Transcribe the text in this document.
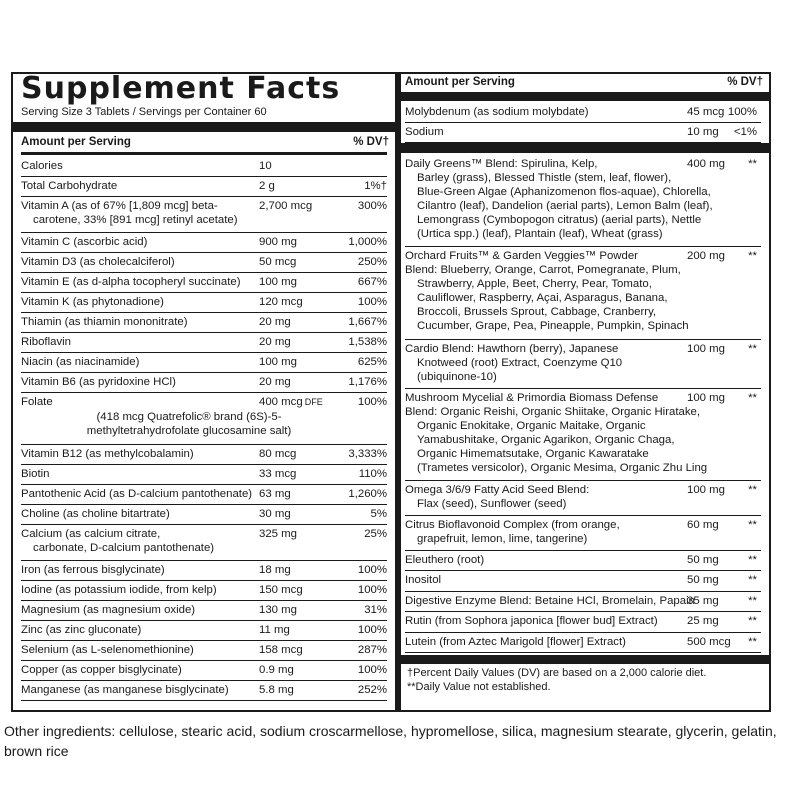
Supplement Facts
Serving Size 3 Tablets / Servings per Container 60
Amount per Serving	% DV†
Calories	10
Total Carbohydrate	2 g	1%†
Vitamin A (as of 67% [1,809 mcg] beta-
carotene, 33% [891 mcg] retinyl acetate)
2,700 mcg	300%
Vitamin C (ascorbic acid)	900 mg	1,000%
Vitamin D3 (as cholecalciferol)	50 mcg	250%
Vitamin E (as d-alpha tocopheryl succinate) 100 mg	667%
Vitamin K (as phytonadione)	120 mcg	100%
Thiamin (as thiamin mononitrate)	20 mg	1,667%
Riboflavin	20 mg	1,538%
Niacin (as niacinamide)	100 mg	625%
Vitamin B6 (as pyridoxine HCl)	20 mg	1,176%
Folate	400 mcg DFE	100%
(418 mcg Quatrefolic® brand (6S)-5-
methyltetrahydrofolate glucosamine salt)
Vitamin B12 (as methylcobalamin)	80 mcg	3,333%
Biotin	33 mcg	110%
Pantothenic Acid (as D-calcium pantothenate) 63 mg	1,260%
Choline (as choline bitartrate)	30 mg	5%
Calcium (as calcium citrate,
carbonate, D-calcium pantothenate)
325 mg	25%
Iron (as ferrous bisglycinate)	18 mg	100%
Iodine (as potassium iodide, from kelp)	150 mcg	100%
Magnesium (as magnesium oxide)	130 mg	31%
Zinc (as zinc gluconate)	11 mg	100%
Selenium (as L-selenomethionine)	158 mcg	287%
Copper (as copper bisglycinate)	0.9 mg	100%
Manganese (as manganese bisglycinate)	5.8 mg	252%
Amount per Serving	% DV†
Molybdenum (as sodium molybdate)	45 mcg 100%
Sodium	10 mg <1%
Daily Greens™ Blend: Spirulina, Kelp,
Barley (grass), Blessed Thistle (stem, leaf, flower),
Blue-Green Algae (Aphanizomenon flos-aquae), Chlorella,
Cilantro (leaf), Dandelion (aerial parts), Lemon Balm (leaf),
Lemongrass (Cymbopogon citratus) (aerial parts), Nettle
(Urtica spp.) (leaf), Plantain (leaf), Wheat (grass)
400 mg **
Orchard Fruits™ & Garden Veggies™ Powder
Blend: Blueberry, Orange, Carrot, Pomegranate, Plum,
Strawberry, Apple, Beet, Cherry, Pear, Tomato,
Cauliflower, Raspberry, Açai, Asparagus, Banana,
Broccoli, Brussels Sprout, Cabbage, Cranberry,
Cucumber, Grape, Pea, Pineapple, Pumpkin, Spinach
200 mg **
Cardio Blend: Hawthorn (berry), Japanese
Knotweed (root) Extract, Coenzyme Q10
(ubiquinone-10)
100 mg **
Mushroom Mycelial & Primordia Biomass Defense
Blend: Organic Reishi, Organic Shiitake, Organic Hiratake,
Organic Enokitake, Organic Maitake, Organic
Yamabushitake, Organic Agarikon, Organic Chaga,
Organic Himematsutake, Organic Kawaratake
(Trametes versicolor), Organic Mesima, Organic Zhu Ling
100 mg **
Omega 3/6/9 Fatty Acid Seed Blend:
Flax (seed), Sunflower (seed)
100 mg **
Citrus Bioflavonoid Complex (from orange,
grapefruit, lemon, lime, tangerine)
60 mg	**
Eleuthero (root)	50 mg	**
Inositol	50 mg	**
Digestive Enzyme Blend: Betaine HCl, Bromelain, Papain
35 mg	**
Rutin (from Sophora japonica [flower bud] Extract)	25 mg	**
Lutein (from Aztec Marigold [flower] Extract)	500 mcg **
†Percent Daily Values (DV) are based on a 2,000 calorie diet.
**Daily Value not established.
Other ingredients: cellulose, stearic acid, sodium croscarmellose, hypromellose, silica, magnesium stearate, glycerin, gelatin, brown rice
